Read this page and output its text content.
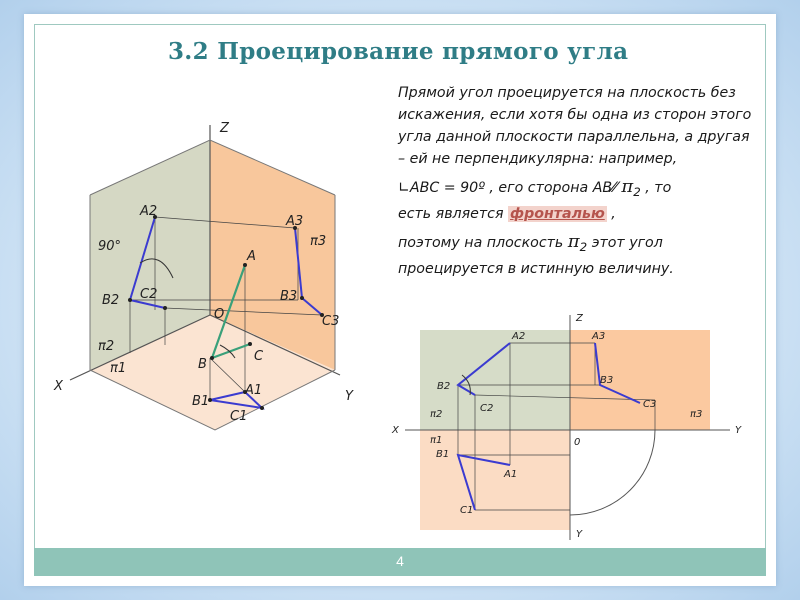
3.2 Проецирование прямого угла
Z
X
Y
O
A2
B2 C2
A3
B3
C3
A
B
C
A1
B1
C1
π2
π1
π3
90°

Прямой угол проецируется на плоскость без искажения, если хотя бы одна из сторон этого угла данной плоскости параллельна, а другая – ей не перпендикулярна: например,

∟ABC = 90º , его сторона AB⁄⁄ $\pi_2$ , то

есть является фронталью ,

поэтому на плоскость $\pi_2$ этот угол проецируется в истинную величину.

Z
X	Y
Y
0
A2
B2
C2
A3
B3
C3
A1
B1
C1
π2
π1
π3
4
